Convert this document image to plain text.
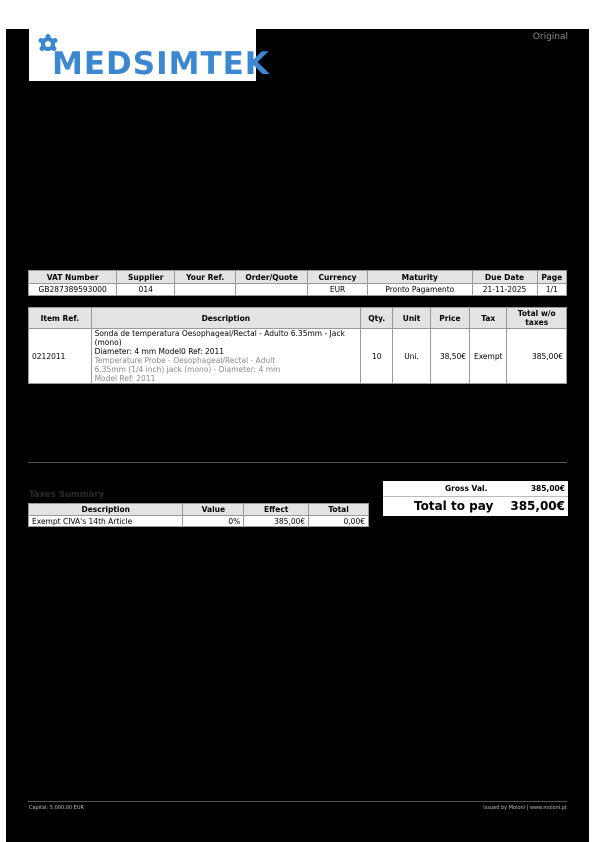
MEDSIMTEK
Original
VAT Number	Supplier	Your Ref.	Order/Quote	Currency	Maturity	Due Date	Page
GB287389593000	014			EUR	Pronto Pagamento	21-11-2025	1/1
Item Ref.	Description	Qty.	Unit	Price	Tax	Total w/o taxes
0212011	Sonda de temperatura Oesophageal/Rectal - Adulto 6.35mm - Jack (mono)
Diameter: 4 mm Model0 Ref: 2011
Temperature Probe - Oesophageal/Rectal - Adult
6.35mm (1/4 inch) jack (mono) - Diameter: 4 mm
Model Ref: 2011	10	Uni.	38,50€	Exempt	385,00€
Taxes Summary
Description	Value	Effect	Total
Exempt CIVA's 14th Article	0%	385,00€	0,00€
Gross Val.	385,00€
Total to pay 385,00€
Capital: 5.000,00 EUR	Issued by Moloni | www.moloni.pt
